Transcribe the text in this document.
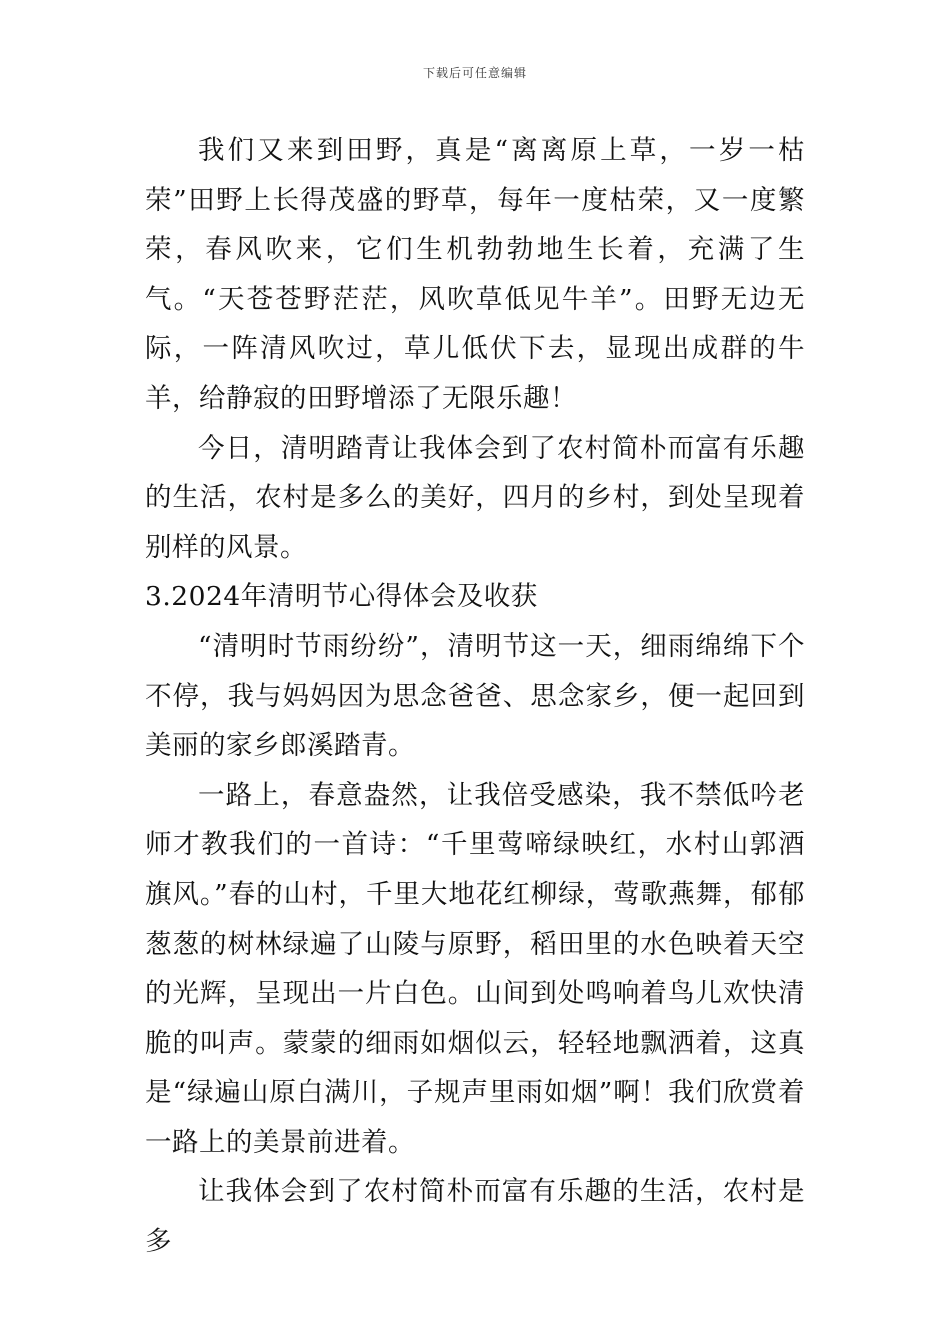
下载后可任意编辑

我们又来到田野，真是“离离原上草，一岁一枯荣”田野上长得茂盛的野草，每年一度枯荣，又一度繁荣，春风吹来，它们生机勃勃地生长着，充满了生气。“天苍苍野茫茫，风吹草低见牛羊”。田野无边无际，一阵清风吹过，草儿低伏下去，显现出成群的牛羊，给静寂的田野增添了无限乐趣！

今日，清明踏青让我体会到了农村简朴而富有乐趣的生活，农村是多么的美好，四月的乡村，到处呈现着别样的风景。

3.2024年清明节心得体会及收获

“清明时节雨纷纷”，清明节这一天，细雨绵绵下个不停，我与妈妈因为思念爸爸、思念家乡，便一起回到美丽的家乡郎溪踏青。

一路上，春意盎然，让我倍受感染，我不禁低吟老师才教我们的一首诗：“千里莺啼绿映红，水村山郭酒旗风。”春的山村，千里大地花红柳绿，莺歌燕舞，郁郁葱葱的树林绿遍了山陵与原野，稻田里的水色映着天空的光辉，呈现出一片白色。山间到处鸣响着鸟儿欢快清脆的叫声。蒙蒙的细雨如烟似云，轻轻地飘洒着，这真是“绿遍山原白满川，子规声里雨如烟”啊！我们欣赏着一路上的美景前进着。

让我体会到了农村简朴而富有乐趣的生活，农村是多
